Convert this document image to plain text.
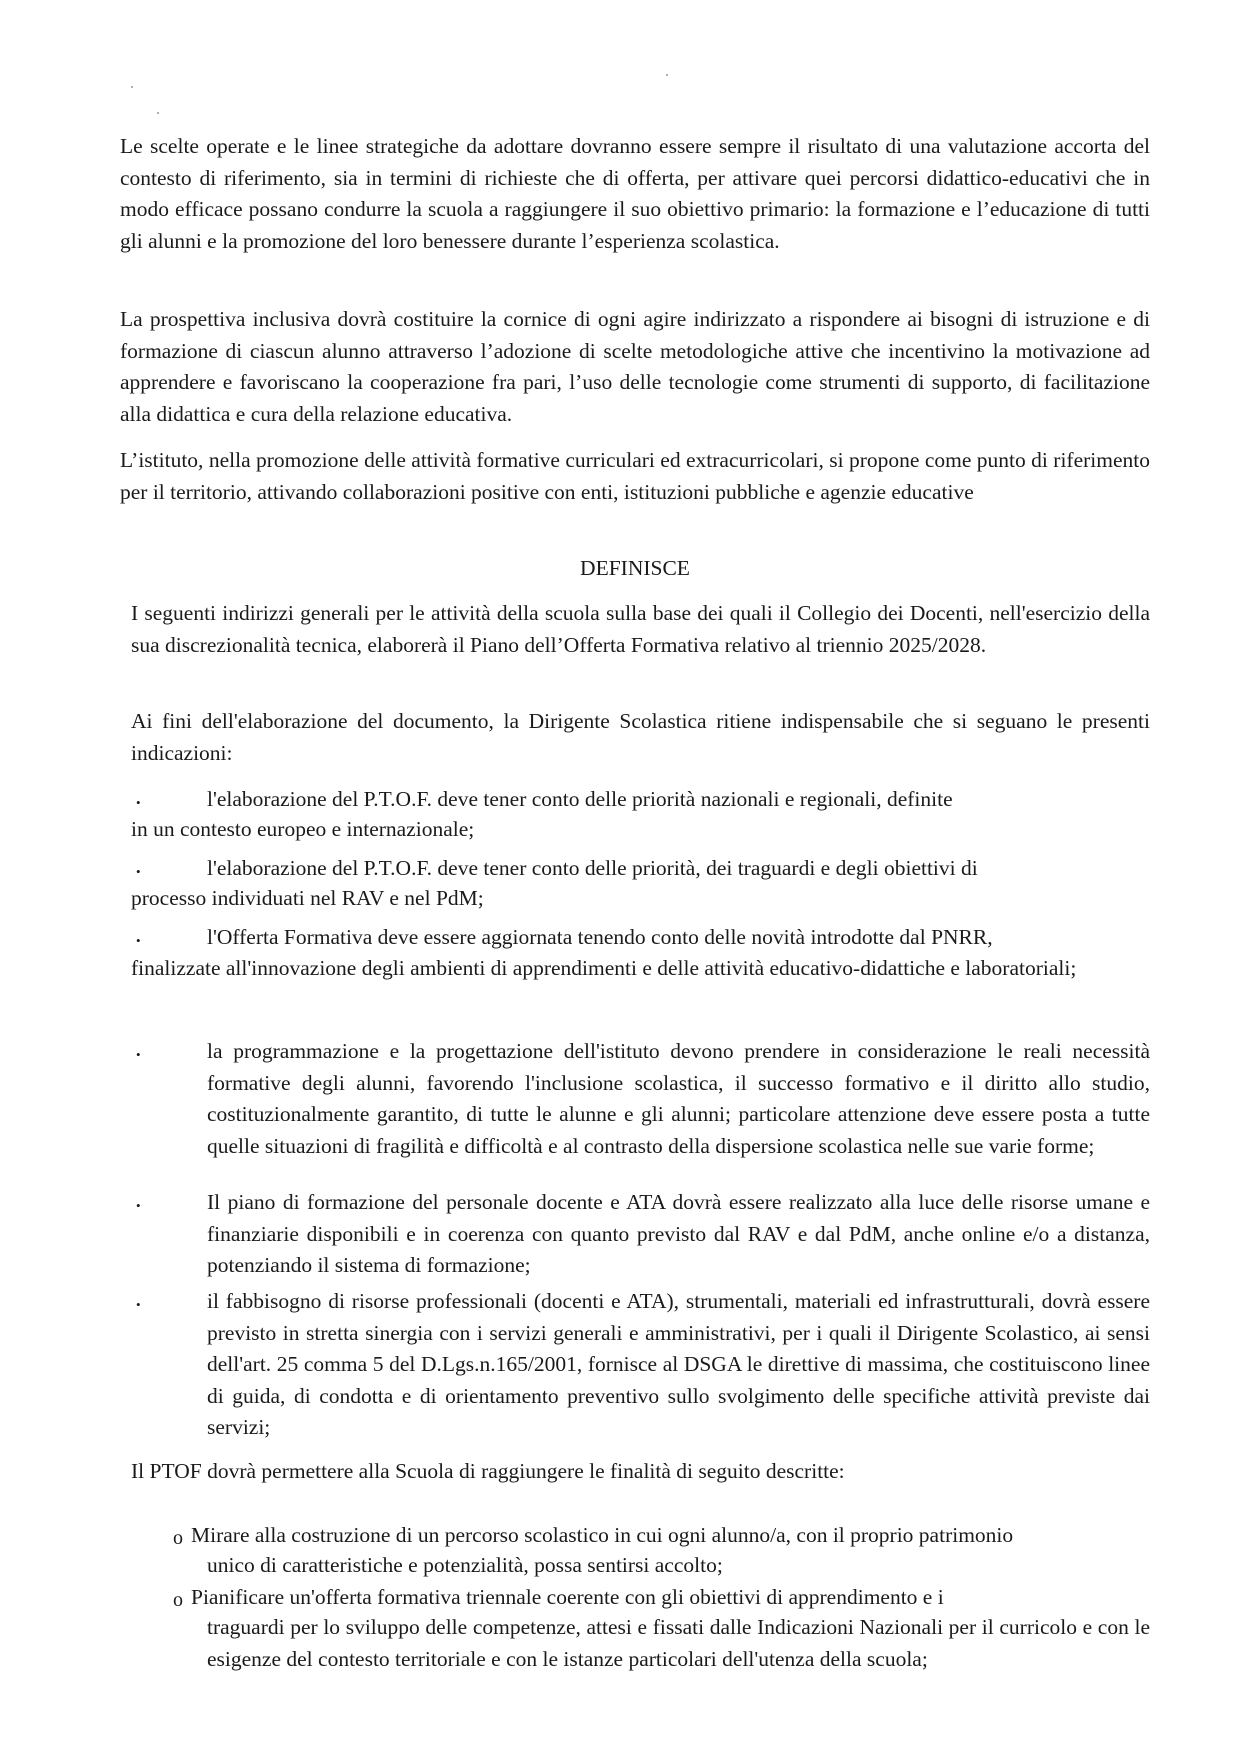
Le scelte operate e le linee strategiche da adottare dovranno essere sempre il risultato di una valutazione accorta del contesto di riferimento, sia in termini di richieste che di offerta, per attivare quei percorsi didattico-educativi che in modo efficace possano condurre la scuola a raggiungere il suo obiettivo primario: la formazione e l’educazione di tutti gli alunni e la promozione del loro benessere durante l’esperienza scolastica.

La prospettiva inclusiva dovrà costituire la cornice di ogni agire indirizzato a rispondere ai bisogni di istruzione e di formazione di ciascun alunno attraverso l’adozione di scelte metodologiche attive che incentivino la motivazione ad apprendere e favoriscano la cooperazione fra pari, l’uso delle tecnologie come strumenti di supporto, di facilitazione alla didattica e cura della relazione educativa.

L’istituto, nella promozione delle attività formative curriculari ed extracurricolari, si propone come punto di riferimento per il territorio, attivando collaborazioni positive con enti, istituzioni pubbliche e agenzie educative

DEFINISCE

I seguenti indirizzi generali per le attività della scuola sulla base dei quali il Collegio dei Docenti, nell'esercizio della sua discrezionalità tecnica, elaborerà il Piano dell’Offerta Formativa relativo al triennio 2025/2028.

Ai fini dell'elaborazione del documento, la Dirigente Scolastica ritiene indispensabile che si seguano le presenti indicazioni:

•	l'elaborazione del P.T.O.F. deve tener conto delle priorità nazionali e regionali, definite

in un contesto europeo e internazionale;

•	l'elaborazione del P.T.O.F. deve tener conto delle priorità, dei traguardi e degli obiettivi di

processo individuati nel RAV e nel PdM;

•	l'Offerta Formativa deve essere aggiornata tenendo conto delle novità introdotte dal PNRR,

finalizzate all'innovazione degli ambienti di apprendimenti e delle attività educativo-didattiche e laboratoriali;

•	la programmazione e la progettazione dell'istituto devono prendere in considerazione le reali necessità formative degli alunni, favorendo l'inclusione scolastica, il successo formativo e il diritto allo studio, costituzionalmente garantito, di tutte le alunne e gli alunni; particolare attenzione deve essere posta a tutte quelle situazioni di fragilità e difficoltà e al contrasto della dispersione scolastica nelle sue varie forme;

•	Il piano di formazione del personale docente e ATA dovrà essere realizzato alla luce delle risorse umane e finanziarie disponibili e in coerenza con quanto previsto dal RAV e dal PdM, anche online e/o a distanza, potenziando il sistema di formazione;

•	il fabbisogno di risorse professionali (docenti e ATA), strumentali, materiali ed infrastrutturali, dovrà essere previsto in stretta sinergia con i servizi generali e amministrativi, per i quali il Dirigente Scolastico, ai sensi dell'art. 25 comma 5 del D.Lgs.n.165/2001, fornisce al DSGA le direttive di massima, che costituiscono linee di guida, di condotta e di orientamento preventivo sullo svolgimento delle specifiche attività previste dai servizi;

Il PTOF dovrà permettere alla Scuola di raggiungere le finalità di seguito descritte:

o Mirare alla costruzione di un percorso scolastico in cui ogni alunno/a, con il proprio patrimonio

unico di caratteristiche e potenzialità, possa sentirsi accolto;

o Pianificare un'offerta formativa triennale coerente con gli obiettivi di apprendimento e i

traguardi per lo sviluppo delle competenze, attesi e fissati dalle Indicazioni Nazionali per il curricolo e con le esigenze del contesto territoriale e con le istanze particolari dell'utenza della scuola;
